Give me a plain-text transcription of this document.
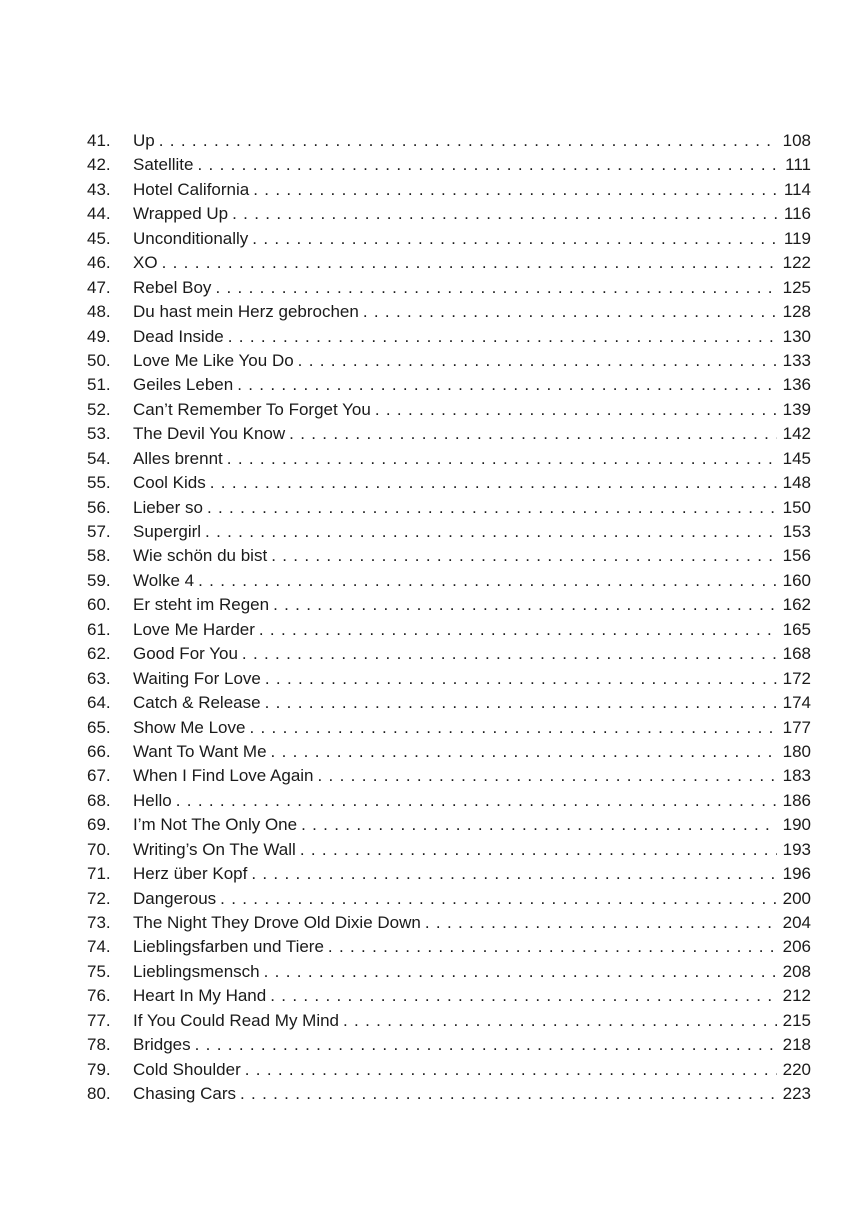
41.	Up . . .	108
42.	Satellite . . .	111
43.	Hotel California . . .	114
44.	Wrapped Up . . .	116
45.	Unconditionally . . .	119
46.	XO . . .	122
47.	Rebel Boy . . .	125
48.	Du hast mein Herz gebrochen . . .	128
49.	Dead Inside . . .	130
50.	Love Me Like You Do . . .	133
51.	Geiles Leben . . .	136
52.	Can’t Remember To Forget You . . .	139
53.	The Devil You Know . . .	142
54.	Alles brennt . . .	145
55.	Cool Kids . . .	148
56.	Lieber so . . .	150
57.	Supergirl . . .	153
58.	Wie schön du bist . . .	156
59.	Wolke 4 . . .	160
60.	Er steht im Regen . . .	162
61.	Love Me Harder . . .	165
62.	Good For You . . .	168
63.	Waiting For Love . . .	172
64.	Catch & Release . . .	174
65.	Show Me Love . . .	177
66.	Want To Want Me . . .	180
67.	When I Find Love Again . . .	183
68.	Hello . . .	186
69.	I’m Not The Only One . . .	190
70.	Writing’s On The Wall . . .	193
71.	Herz über Kopf . . .	196
72.	Dangerous . . .	200
73.	The Night They Drove Old Dixie Down . . .	204
74.	Lieblingsfarben und Tiere . . .	206
75.	Lieblingsmensch . . .	208
76.	Heart In My Hand . . .	212
77.	If You Could Read My Mind . . .	215
78.	Bridges . . .	218
79.	Cold Shoulder . . .	220
80.	Chasing Cars . . .	223
